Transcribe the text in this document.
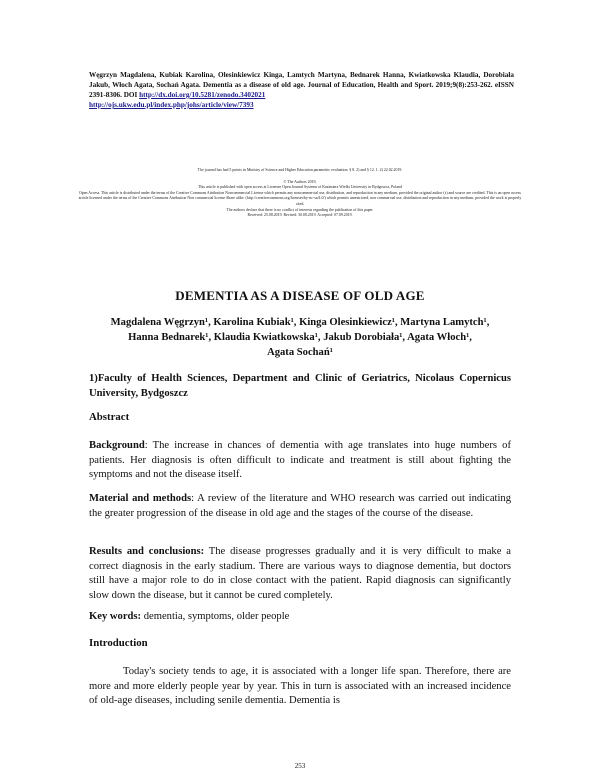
Węgrzyn Magdalena, Kubiak Karolina, Olesinkiewicz Kinga, Lamtych Martyna, Bednarek Hanna, Kwiatkowska Klaudia, Dorobiała Jakub, Włoch Agata, Sochań Agata. Dementia as a disease of old age. Journal of Education, Health and Sport. 2019;9(8):253-262. eISSN 2391-8306. DOI http://dx.doi.org/10.5281/zenodo.3402021
http://ojs.ukw.edu.pl/index.php/johs/article/view/7393

The journal has had 5 points in Ministry of Science and Higher Education parametric evaluation. § 8. 2) and § 12. 1. 2) 22.02.2019.

© The Authors 2019;

This article is published with open access at Licensee Open Journal Systems of Kazimierz Wielki University in Bydgoszcz, Poland

Open Access. This article is distributed under the terms of the Creative Commons Attribution Noncommercial License which permits any noncommercial use, distribution, and reproduction in any medium, provided the original author (s) and source are credited. This is an open access article licensed under the terms of the Creative Commons Attribution Non commercial license Share alike. (http://creativecommons.org/licenses/by-nc-sa/4.0/) which permits unrestricted, non commercial use, distribution and reproduction in any medium, provided the work is properly cited.

The authors declare that there is no conflict of interests regarding the publication of this paper.

Received: 25.08.2019. Revised: 30.08.2019. Accepted: 07.09.2019.

DEMENTIA AS A DISEASE OF OLD AGE
Magdalena Węgrzyn¹, Karolina Kubiak¹, Kinga Olesinkiewicz¹, Martyna Lamytch¹,
Hanna Bednarek¹, Klaudia Kwiatkowska¹, Jakub Dorobiała¹, Agata Włoch¹,
Agata Sochań¹
1)Faculty of Health Sciences, Department and Clinic of Geriatrics, Nicolaus Copernicus University, Bydgoszcz
Abstract

Background: The increase in chances of dementia with age translates into huge numbers of patients. Her diagnosis is often difficult to indicate and treatment is still about fighting the symptoms and not the disease itself.

Material and methods: A review of the literature and WHO research was carried out indicating the greater progression of the disease in old age and the stages of the course of the disease.

Results and conclusions: The disease progresses gradually and it is very difficult to make a correct diagnosis in the early stadium. There are various ways to diagnose dementia, but doctors still have a major role to do in close contact with the patient. Rapid diagnosis can significantly slow down the disease, but it cannot be cured completely.

Key words: dementia, symptoms, older people

Introduction

Today's society tends to age, it is associated with a longer life span. Therefore, there are more and more elderly people year by year. This in turn is associated with an increased incidence of old-age diseases, including senile dementia. Dementia is

253
